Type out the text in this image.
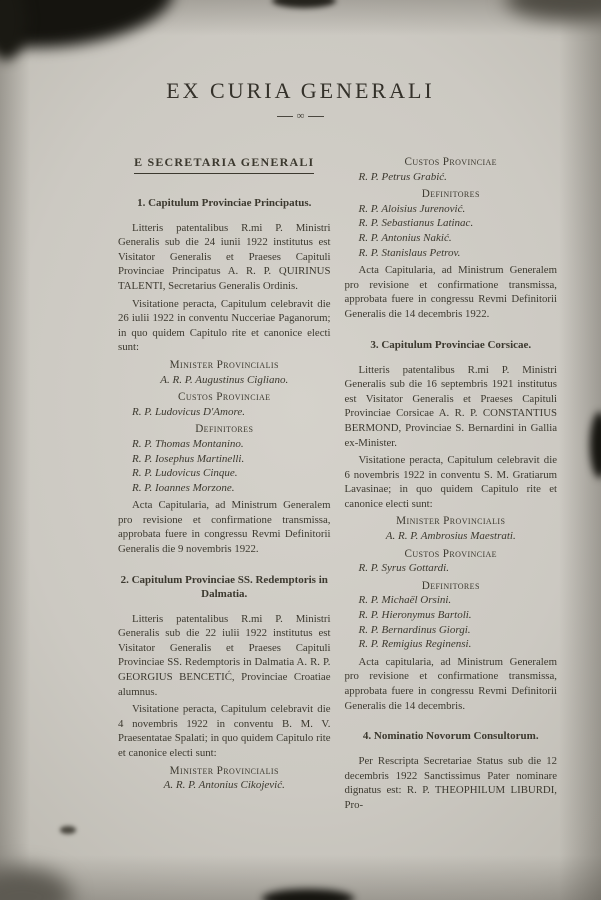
EX CURIA GENERALI
∞
E SECRETARIA GENERALI
1. Capitulum Provinciae Principatus.

Litteris patentalibus R.mi P. Ministri Generalis sub die 24 iunii 1922 institutus est Visitator Generalis et Praeses Capituli Provinciae Principatus A. R. P. QUIRINUS TALENTI, Secretarius Generalis Ordinis.

Visitatione peracta, Capitulum celebravit die 26 iulii 1922 in conventu Nucceriae Paganorum; in quo quidem Capitulo rite et canonice electi sunt:

Minister Provincialis
A. R. P. Augustinus Cigliano.
Custos Provinciae
R. P. Ludovicus D'Amore.
Definitores
R. P. Thomas Montanino.
R. P. Iosephus Martinelli.
R. P. Ludovicus Cinque.
R. P. Ioannes Morzone.

Acta Capitularia, ad Ministrum Generalem pro revisione et confirmatione transmissa, approbata fuere in congressu Revmi Definitorii Generalis die 9 novembris 1922.

2. Capitulum Provinciae SS. Redemptoris in Dalmatia.

Litteris patentalibus R.mi P. Ministri Generalis sub die 22 iulii 1922 institutus est Visitator Generalis et Praeses Capituli Provinciae SS. Redemptoris in Dalmatia A. R. P. GEORGIUS BENCETIĆ, Provinciae Croatiae alumnus.

Visitatione peracta, Capitulum celebravit die 4 novembris 1922 in conventu B. M. V. Praesentatae Spalati; in quo quidem Capitulo rite et canonice electi sunt:

Minister Provincialis
A. R. P. Antonius Cikojević.
Custos Provinciae
R. P. Petrus Grabić.
Definitores
R. P. Aloisius Jurenović.
R. P. Sebastianus Latinac.
R. P. Antonius Nakić.
R. P. Stanislaus Petrov.

Acta Capitularia, ad Ministrum Generalem pro revisione et confirmatione transmissa, approbata fuere in congressu Revmi Definitorii Generalis die 14 decembris 1922.

3. Capitulum Provinciae Corsicae.

Litteris patentalibus R.mi P. Ministri Generalis sub die 16 septembris 1921 institutus est Visitator Generalis et Praeses Capituli Provinciae Corsicae A. R. P. CONSTANTIUS BERMOND, Provinciae S. Bernardini in Gallia ex-Minister.

Visitatione peracta, Capitulum celebravit die 6 novembris 1922 in conventu S. M. Gratiarum Lavasinae; in quo quidem Capitulo rite et canonice electi sunt:

Minister Provincialis
A. R. P. Ambrosius Maestrati.
Custos Provinciae
R. P. Syrus Gottardi.
Definitores
R. P. Michaël Orsini.
R. P. Hieronymus Bartoli.
R. P. Bernardinus Giorgi.
R. P. Remigius Reginensi.

Acta capitularia, ad Ministrum Generalem pro revisione et confirmatione transmissa, approbata fuere in congressu Revmi Definitorii Generalis die 14 decembris.

4. Nominatio Novorum Consultorum.

Per Rescripta Secretariae Status sub die 12 decembris 1922 Sanctissimus Pater nominare dignatus est: R. P. THEOPHILUM LIBURDI, Pro-
